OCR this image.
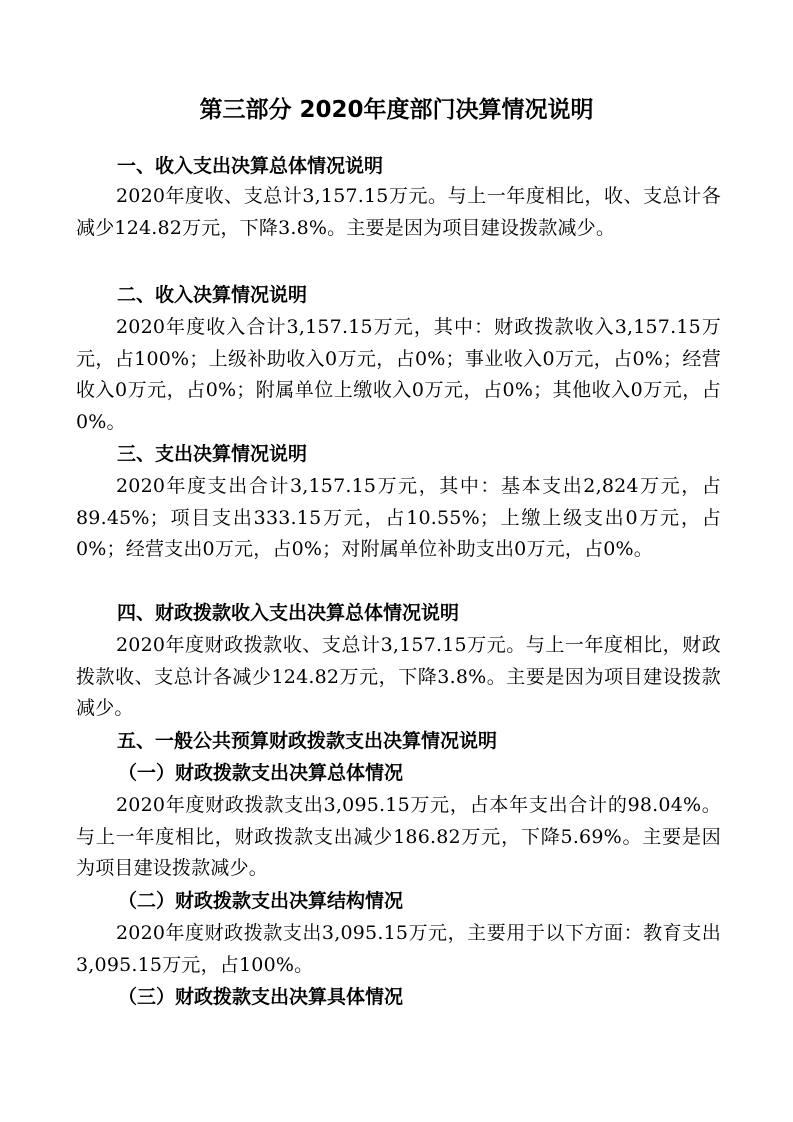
第三部分 2020年度部门决算情况说明
一、收入支出决算总体情况说明
2020年度收、支总计3,157.15万元。与上一年度相比，收、支总计各减少124.82万元，下降3.8%。主要是因为项目建设拨款减少。
二、收入决算情况说明
2020年度收入合计3,157.15万元，其中：财政拨款收入3,157.15万元，占100%；上级补助收入0万元，占0%；事业收入0万元，占0%；经营收入0万元，占0%；附属单位上缴收入0万元，占0%；其他收入0万元，占0%。
三、支出决算情况说明
2020年度支出合计3,157.15万元，其中：基本支出2,824万元，占89.45%；项目支出333.15万元，占10.55%；上缴上级支出0万元，占0%；经营支出0万元，占0%；对附属单位补助支出0万元，占0%。
四、财政拨款收入支出决算总体情况说明
2020年度财政拨款收、支总计3,157.15万元。与上一年度相比，财政拨款收、支总计各减少124.82万元，下降3.8%。主要是因为项目建设拨款减少。
五、一般公共预算财政拨款支出决算情况说明
（一）财政拨款支出决算总体情况
2020年度财政拨款支出3,095.15万元，占本年支出合计的98.04%。与上一年度相比，财政拨款支出减少186.82万元，下降5.69%。主要是因为项目建设拨款减少。
（二）财政拨款支出决算结构情况
2020年度财政拨款支出3,095.15万元，主要用于以下方面：教育支出3,095.15万元，占100%。
（三）财政拨款支出决算具体情况
